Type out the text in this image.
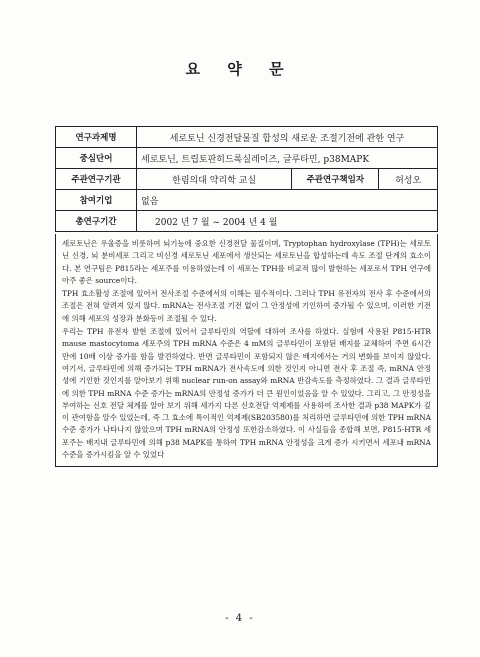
요 약 문
연구과제명	세로토닌 신경전달물질 합성의 새로운 조절기전에 관한 연구		
중심단어	세로토닌, 트립토판히드록실레이즈, 글루타민, p38MAPK		
주관연구기관	한림의대 약리학 교실	주관연구책임자	허성오
참여기업	없음		
총연구기간	2002 년 7 월 ~ 2004 년 4 월		

세로토닌은 우울증을 비롯하여 뇌기능에 중요한 신경전달 물질이며, Tryptophan hydroxylase (TPH)는 세로토닌 신경, 뇌 분비세포 그리고 비신경 세로토닌 세포에서 생산되는 세로토닌을 합성하는데 속도 조절 단계의 효소이다. 본 연구팀은 P815라는 세포주를 이용하였는데 이 세포는 TPH를 비교적 많이 발현하는 세포로서 TPH 연구에 아주 좋은 source이다.

TPH 효소활성 조절에 있어서 전사조절 수준에서의 이해는 필수적이다. 그러나 TPH 유전자의 전사 후 수준에서의 조절은 전혀 알려져 있지 않다. mRNA는 전사조절 기전 없이 그 안정성에 기인하여 증가될 수 있으며, 이러한 기전에 의해 세포의 성장과 분화등이 조절될 수 있다.

우리는 TPH 유전자 발현 조절에 있어서 글루타민의 역할에 대하여 조사를 하였다. 실험에 사용된 P815-HTR mause mastocytoma 세포주의 TPH mRNA 수준은 4 mM의 글루타민이 포함된 배지를 교체하여 주면 6시간 만에 10배 이상 증가를 함을 발견하였다. 반면 글루타민이 포함되지 않은 배지에서는 거의 변화를 보이지 않았다. 여기서, 글루타민에 의해 증가되는 TPH mRNA가 전사속도에 의한 것인지 아니면 전사 후 조절 즉, mRNA 안정성에 기인한 것인지를 알아보기 위해 nuclear run-on assay와 mRNA 반감속도를 측정하였다. 그 결과 글루타민에 의한 TPH mRNA 수준 증가는 mRNA의 안정성 증가가 더 큰 원인이었음을 알 수 있었다. 그리고, 그 안정성을 부여하는 신호 전달 체계를 알아 보기 위해 세가지 다른 신호전달 억제제를 사용하여 조사한 결과 p38 MAPK가 깊이 관여함을 알수 있었는데, 즉 그 효소에 특이적인 억제제(SB203580)를 처리하면 글루타민에 의한 TPH mRNA 수준 증가가 나타나지 않았으며 TPH mRNA의 안정성 또한감소하였다. 이 사실들을 종합해 보면, P815-HTR 세포주는 배지내 글루타민에 의해 p38 MAPK를 통하여 TPH mRNA 안정성을 크게 증가 시키면서 세포내 mRNA 수준을 증가시킴을 알 수 있었다

- 4 -
